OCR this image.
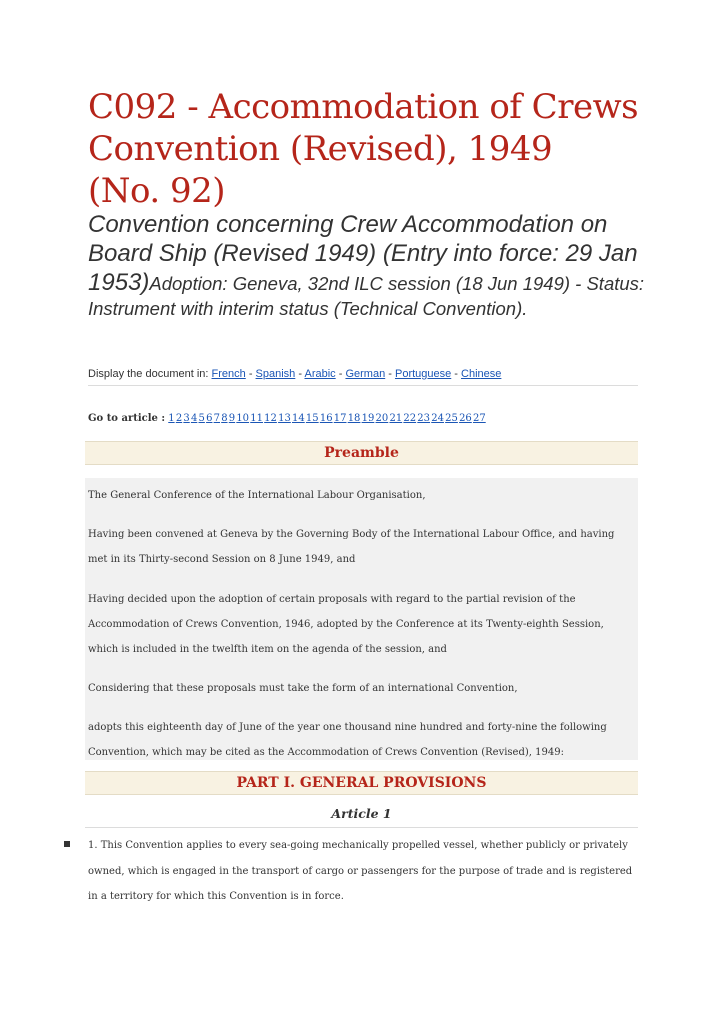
C092 - Accommodation of Crews
Convention (Revised), 1949
(No. 92)

Convention concerning Crew Accommodation on Board Ship (Revised 1949) (Entry into force: 29 Jan 1953)Adoption: Geneva, 32nd ILC session (18 Jun 1949) - Status: Instrument with interim status (Technical Convention).

Display the document in: French - Spanish - Arabic - German - Portuguese - Chinese
Go to article : 123456789101112131415161718192021222324252627
Preamble

The General Conference of the International Labour Organisation,

Having been convened at Geneva by the Governing Body of the International Labour Office, and having met in its Thirty-second Session on 8 June 1949, and

Having decided upon the adoption of certain proposals with regard to the partial revision of the Accommodation of Crews Convention, 1946, adopted by the Conference at its Twenty-eighth Session, which is included in the twelfth item on the agenda of the session, and

Considering that these proposals must take the form of an international Convention,

adopts this eighteenth day of June of the year one thousand nine hundred and forty-nine the following Convention, which may be cited as the Accommodation of Crews Convention (Revised), 1949:

PART I. GENERAL PROVISIONS
Article 1

1. This Convention applies to every sea-going mechanically propelled vessel, whether publicly or privately owned, which is engaged in the transport of cargo or passengers for the purpose of trade and is registered in a territory for which this Convention is in force.
